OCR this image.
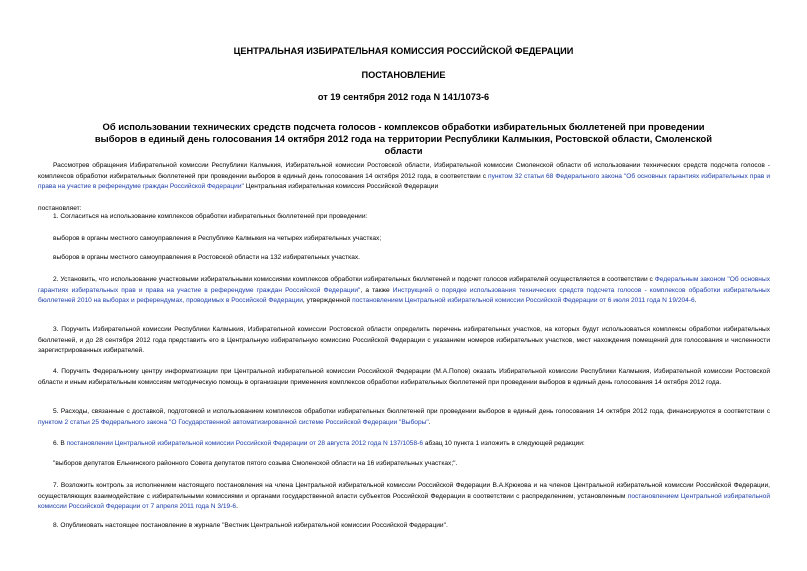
ЦЕНТРАЛЬНАЯ ИЗБИРАТЕЛЬНАЯ КОМИССИЯ РОССИЙСКОЙ ФЕДЕРАЦИИ
ПОСТАНОВЛЕНИЕ
от 19 сентября 2012 года N 141/1073-6
Об использовании технических средств подсчета голосов - комплексов обработки избирательных бюллетеней при проведении выборов в единый день голосования 14 октября 2012 года на территории Республики Калмыкия, Ростовской области, Смоленской области
Рассмотрев обращения Избирательной комиссии Республики Калмыкия, Избирательной комиссии Ростовской области, Избирательной комиссии Смоленской области об использовании технических средств подсчета голосов - комплексов обработки избирательных бюллетеней при проведении выборов в единый день голосования 14 октября 2012 года, в соответствии с пунктом 32 статьи 68 Федерального закона "Об основных гарантиях избирательных прав и права на участие в референдуме граждан Российской Федерации" Центральная избирательная комиссия Российской Федерации
постановляет:
1. Согласиться на использование комплексов обработки избирательных бюллетеней при проведении:
выборов в органы местного самоуправления в Республике Калмыкия на четырех избирательных участках;
выборов в органы местного самоуправления в Ростовской области на 132 избирательных участках.
2. Установить, что использование участковыми избирательными комиссиями комплексов обработки избирательных бюллетеней и подсчет голосов избирателей осуществляется в соответствии с Федеральным законом "Об основных гарантиях избирательных прав и права на участие в референдуме граждан Российской Федерации", а также Инструкцией о порядке использования технических средств подсчета голосов - комплексов обработки избирательных бюллетеней 2010 на выборах и референдумах, проводимых в Российской Федерации, утвержденной постановлением Центральной избирательной комиссии Российской Федерации от 6 июля 2011 года N 19/204-6.
3. Поручить Избирательной комиссии Республики Калмыкия, Избирательной комиссии Ростовской области определить перечень избирательных участков, на которых будут использоваться комплексы обработки избирательных бюллетеней, и до 28 сентября 2012 года представить его в Центральную избирательную комиссию Российской Федерации с указанием номеров избирательных участков, мест нахождения помещений для голосования и численности зарегистрированных избирателей.
4. Поручить Федеральному центру информатизации при Центральной избирательной комиссии Российской Федерации (М.А.Попов) оказать Избирательной комиссии Республики Калмыкия, Избирательной комиссии Ростовской области и иным избирательным комиссиям методическую помощь в организации применения комплексов обработки избирательных бюллетеней при проведении выборов в единый день голосования 14 октября 2012 года.
5. Расходы, связанные с доставкой, подготовкой и использованием комплексов обработки избирательных бюллетеней при проведении выборов в единый день голосования 14 октября 2012 года, финансируются в соответствии с пунктом 2 статьи 25 Федерального закона "О Государственной автоматизированной системе Российской Федерации "Выборы".
6. В постановлении Центральной избирательной комиссии Российской Федерации от 28 августа 2012 года N 137/1058-6 абзац 10 пункта 1 изложить в следующей редакции:
"выборов депутатов Ельнинского районного Совета депутатов пятого созыва Смоленской области на 16 избирательных участках;".
7. Возложить контроль за исполнением настоящего постановления на члена Центральной избирательной комиссии Российской Федерации В.А.Крюкова и на членов Центральной избирательной комиссии Российской Федерации, осуществляющих взаимодействие с избирательными комиссиями и органами государственной власти субъектов Российской Федерации в соответствии с распределением, установленным постановлением Центральной избирательной комиссии Российской Федерации от 7 апреля 2011 года N 3/19-6.
8. Опубликовать настоящее постановление в журнале "Вестник Центральной избирательной комиссии Российской Федерации".
